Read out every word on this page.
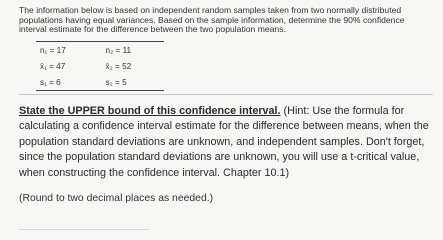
The information below is based on independent random samples taken from two normally distributed populations having equal variances. Based on the sample information, determine the 90% confidence interval estimate for the difference between the two population means.
n₁ = 17	n₂ = 11
x̄₁ = 47	x̄₂ = 52
s₁ = 6	s₂ = 5
State the UPPER bound of this confidence interval. (Hint: Use the formula for calculating a confidence interval estimate for the difference between means, when the population standard deviations are unknown, and independent samples. Don't forget, since the population standard deviations are unknown, you will use a t-critical value, when constructing the confidence interval. Chapter 10.1)
(Round to two decimal places as needed.)
